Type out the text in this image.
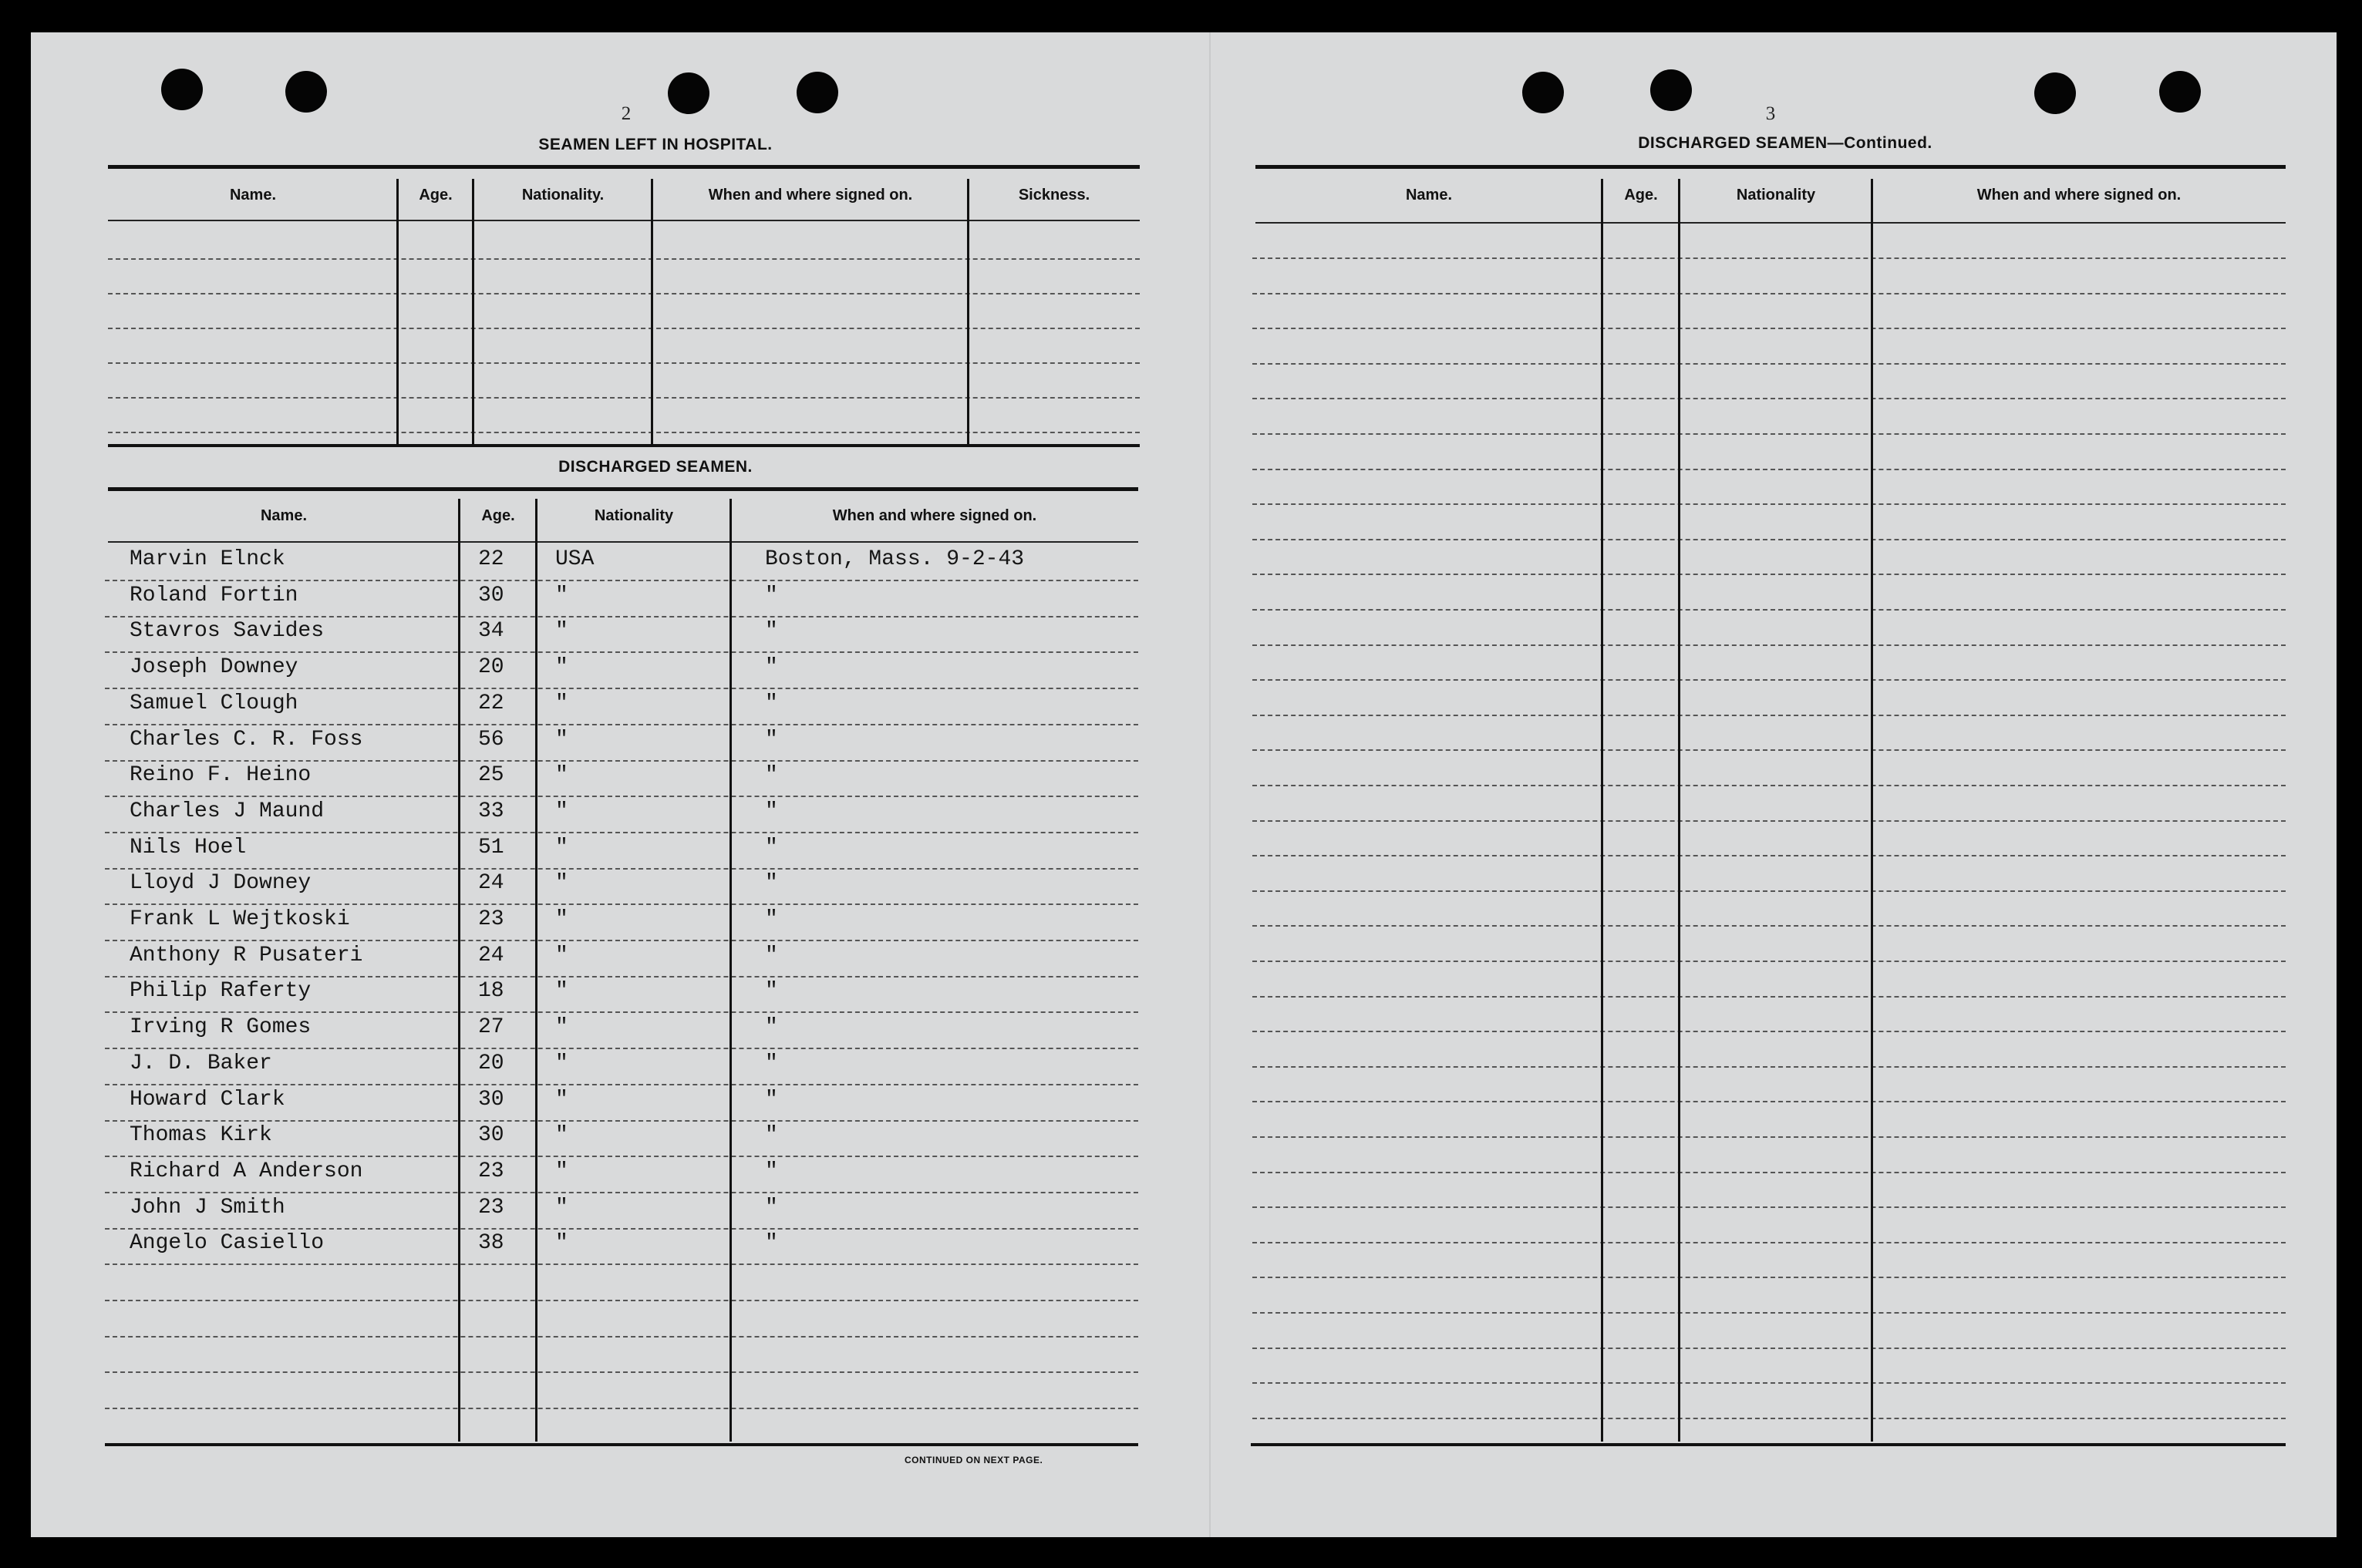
2
SEAMEN LEFT IN HOSPITAL.
Name.	Age.	Nationality.	When and where signed on.	Sickness.
DISCHARGED SEAMEN.
Name.	Age.	Nationality	When and where signed on.
Marvin Elnck	22 USA	Boston, Mass. 9-2-43
Roland Fortin	30 "	"
Stavros Savides	34 "	"
Joseph Downey	20 "	"
Samuel Clough	22 "	"
Charles C. R. Foss	56 "	"
Reino F. Heino	25 "	"
Charles J Maund	33 "	"
Nils Hoel	51 "	"
Lloyd J Downey	24 "	"
Frank L Wejtkoski	23 "	"
Anthony R Pusateri	24 "	"
Philip Raferty	18 "	"
Irving R Gomes	27 "	"
J. D. Baker	20 "	"
Howard Clark	30 "	"
Thomas Kirk	30 "	"
Richard A Anderson	23 "	"
John J Smith	23 "	"
Angelo Casiello	38 "	"
CONTINUED ON NEXT PAGE.
3
DISCHARGED SEAMEN—Continued.
Name.	Age.	Nationality	When and where signed on.
